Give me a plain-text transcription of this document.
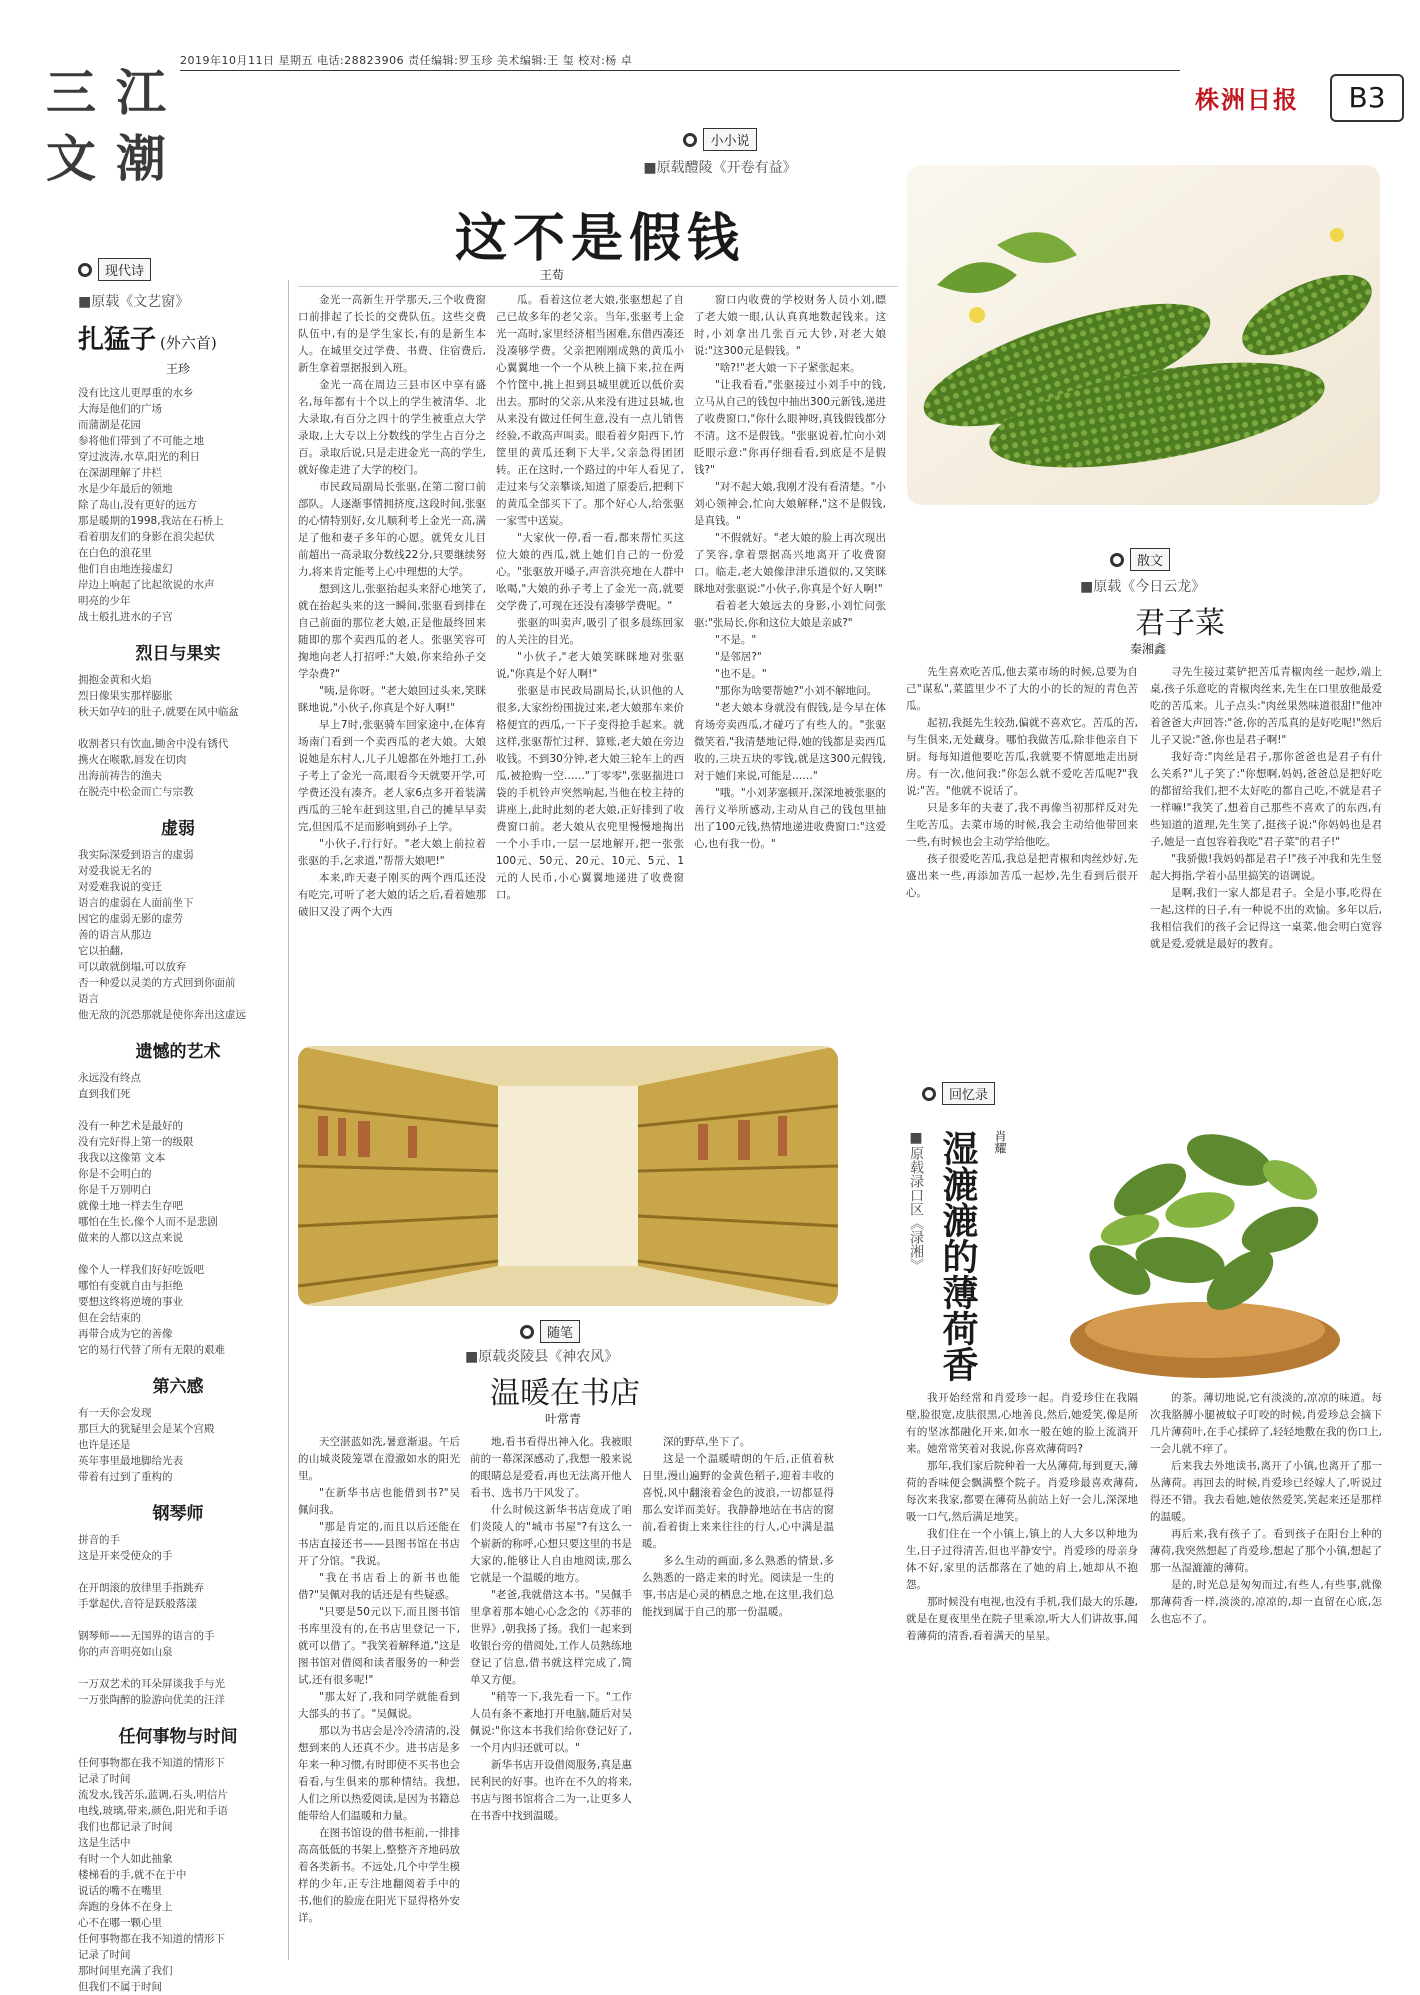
三 江
文 潮
2019年10月11日 星期五 电话:28823906 责任编辑:罗玉珍 美术编辑:王 玺 校对:杨 卓
株洲日报	B3
现代诗
■原载《文艺窗》
扎猛子 (外六首)
王珍
没有比这儿更厚重的水乡
大海是他们的广场
而蒲湖是花园
参将他们带到了不可能之地
穿过波涛,水草,阳光的利日
在深湖理解了井栏
水是少年最后的领地
除了岛山,没有更好的远方
那是暖期的1998,我站在石桥上
看着朋友们的身影在浪尖起伏
在白色的浪花里
他们自由地连接虚幻
岸边上响起了比起欲说的水声
明亮的少年
战士般扎进水的子宫
烈日与果实
拥抱金黄和火焰
烈日像果实那样膨胀
秋天如孕妇的肚子,就要在风中临盆

收割者只有饮血,锄舍中没有锈代
携火在喉歌,唇发在切肉
出海前祷告的渔夫
在脱壳中松金而亡与宗教
虚弱
我实际深爱到语言的虚弱
对爱我说无名的
对爱难我说的变迁
语言的虚弱在人面前坐下
因它的虚弱无影的虚劳
善的语言从那边
它以拍翻,
可以敢就倒塌,可以放弃
否一种爱以灵美的方式回到你面前
语言
他无敌的沉恐那就是使你奔出这虚远
遗憾的艺术
永远没有终点
直到我们死

没有一种艺术是最好的
没有完好得上第一的级限
我我以这像第 文本
你是不会明白的
你是千万别明白
就像土地一样去生存吧
哪怕在生长,像个人而不是悲剧
做来的人都以这点来说

像个人一样我们好好吃饭吧
哪怕有变就自由与拒绝
要想这终将逆境的事业
但在会结束的
再带合成为它的善像
它的易行代替了所有无限的艰难
第六感
有一天你会发现
那巨大的犹疑里会是某个宫殿
也许是还是
英年事里最地脚给光表
带着有过到了重构的
钢琴师
拼音的手
这是开来受使众的手

在开朗滚的放律里手指跳弃
手掌起伏,音符是跃般落漾

钢琴师——无国界的语言的手
你的声音明亮如山泉

一万双艺术的耳朵屏谈我手与光
一万张陶醉的脸游向优美的汪洋
任何事物与时间
任何事物都在我不知道的情形下
记录了时间
流发水,钱苦乐,蓝调,石头,明信片
电线,玻璃,带来,颜色,阳光和手语
我们也都记录了时间
这是生活中
有时一个人如此抽象
楼梯看的手,就不在于中
说话的嘴不在嘴里
奔跑的身体不在身上
心不在哪一颗心里
任何事物都在我不知道的情形下
记录了时间
那时间里充满了我们
但我们不属于时间
小小说
■原载醴陵《开卷有益》
这不是假钱
王荀

金光一高新生开学那天,三个收费窗口前排起了长长的交费队伍。这些交费队伍中,有的是学生家长,有的是新生本人。在城里交过学费、书费、住宿费后,新生拿着票据报到入班。

金光一高在周边三县市区中享有盛名,每年都有十个以上的学生被清华、北大录取,有百分之四十的学生被重点大学录取,上大专以上分数线的学生占百分之百。录取后说,只是走进金光一高的学生,就好像走进了大学的校门。

市民政局副局长张驱,在第二窗口前部队。人逐渐事情拥挤度,这段时间,张驱的心情特别好,女儿顺利考上金光一高,满足了他和妻子多年的心愿。就凭女儿目前超出一高录取分数线22分,只要继续努力,将来肯定能考上心中理想的大学。

想到这儿,张驱抬起头来舒心地笑了,就在抬起头来的这一瞬间,张驱看到排在自己前面的那位老大娘,正是他最终回来随即的那个卖西瓜的老人。张驱笑容可掬地向老人打招呼:"大娘,你来给孙子交学杂费?"

"咦,是你呀。"老大娘回过头来,笑眯眯地说,"小伙子,你真是个好人啊!"

早上7时,张驱骑车回家途中,在体育场南门看到一个卖西瓜的老大娘。大娘说她是东村人,儿子儿媳都在外地打工,孙子考上了金光一高,眼看今天就要开学,可学费还没有凑齐。老人家6点多开着装满西瓜的三轮车赶到这里,自己的摊早早卖完,但因瓜不足而影响到孙子上学。

"小伙子,行行好。"老大娘上前拉着张驱的手,乞求道,"帮帮大娘吧!"

本来,昨天妻子刚买的两个西瓜还没有吃完,可听了老大娘的话之后,看着她那破旧又没了两个大西

瓜。看着这位老大娘,张驱想起了自己已故多年的老父亲。当年,张驱考上金光一高时,家里经济相当困难,东借西凑还没凑够学费。父亲把刚刚成熟的黄瓜小心翼翼地一个一个从秧上摘下来,拉在两个竹筐中,挑上担到县城里就近以低价卖出去。那时的父亲,从来没有进过县城,也从来没有做过任何生意,没有一点儿销售经验,不敢高声叫卖。眼看着夕阳西下,竹筐里的黄瓜还剩下大半,父亲急得团团转。正在这时,一个路过的中年人看见了,走过来与父亲攀谈,知道了原委后,把剩下的黄瓜全部买下了。那个好心人,给张驱一家雪中送炭。

"大家伙一停,看一看,都来帮忙买这位大娘的西瓜,就上她们自己的一份爱心。"张驱放开嗓子,声音洪亮地在人群中吆喝,"大娘的孙子考上了金光一高,就要交学费了,可现在还没有凑够学费呢。"

张驱的叫卖声,吸引了很多晨练回家的人关注的目光。

"小伙子,"老大娘笑眯眯地对张驱说,"你真是个好人啊!"

张驱是市民政局副局长,认识他的人很多,大家纷纷围拢过来,老大娘那车来价格便宜的西瓜,一下子变得抢手起来。就这样,张驱帮忙过秤、算账,老大娘在旁边收钱。不到30分钟,老大娘三轮车上的西瓜,被抢购一空……"丁零零",张驱揣进口袋的手机铃声突然响起,当他在校主持的讲座上,此时此刻的老大娘,正好排到了收费窗口前。老大娘从衣兜里慢慢地掏出一个小手巾,一层一层地解开,把一张张100元、50元、20元、10元、5元、1元的人民币,小心翼翼地递进了收费窗口。

窗口内收费的学校财务人员小刘,瞟了老大娘一眼,认认真真地数起钱来。这时,小刘拿出几张百元大钞,对老大娘说:"这300元是假钱。"

"啥?!"老大娘一下子紧张起来。

"让我看看,"张驱接过小刘手中的钱,立马从自己的钱包中抽出300元新钱,递进了收费窗口,"你什么眼神呀,真钱假钱都分不清。这不是假钱。"张驱说着,忙向小刘眨眼示意:"你再仔细看看,到底是不是假钱?"

"对不起大娘,我刚才没有看清楚。"小刘心领神会,忙向大娘解释,"这不是假钱,是真钱。"

"不假就好。"老大娘的脸上再次现出了笑容,拿着票据高兴地离开了收费窗口。临走,老大娘像津津乐道似的,又笑眯眯地对张驱说:"小伙子,你真是个好人啊!"

看着老大娘远去的身影,小刘忙问张驱:"张局长,你和这位大娘是亲戚?"

"不是。"

"是邻居?"

"也不是。"

"那你为啥要帮她?"小刘不解地问。

"老大娘本身就没有假钱,是今早在体育场旁卖西瓜,才碰巧了有些人的。"张驱微笑着,"我清楚地记得,她的钱都是卖西瓜收的,三块五块的零钱,就是这300元假钱,对于她们来说,可能是……"

"哦。"小刘茅塞顿开,深深地被张驱的善行义举所感动,主动从自己的钱包里抽出了100元钱,热情地递进收费窗口:"这爱心,也有我一份。"

散文
■原载《今日云龙》
君子菜
秦湘鑫

先生喜欢吃苦瓜,他去菜市场的时候,总要为自己"谋私",菜篮里少不了大的小的长的短的青色苦瓜。

起初,我挺先生较劲,偏就不喜欢它。苦瓜的苦,与生俱来,无处藏身。哪怕我做苦瓜,除非他亲自下厨。每每知道他要吃苦瓜,我就要不情愿地走出厨房。有一次,他问我:"你怎么就不爱吃苦瓜呢?"我说:"苦。"他就不说话了。

只是多年的夫妻了,我不再像当初那样反对先生吃苦瓜。去菜市场的时候,我会主动给他带回来一些,有时候也会主动学给他吃。

孩子很爱吃苦瓜,我总是把青椒和肉丝炒好,先盛出来一些,再添加苦瓜一起炒,先生看到后很开心。

寻先生接过菜铲把苦瓜青椒肉丝一起炒,端上桌,孩子乐意吃的青椒肉丝来,先生在口里放他最爱吃的苦瓜来。儿子点头:"肉丝果然味道很甜!"他冲着爸爸大声回答:"爸,你的苦瓜真的是好吃呢!"然后儿子又说:"爸,你也是君子啊!"

我好奇:"肉丝是君子,那你爸爸也是君子有什么关系?"儿子笑了:"你想啊,妈妈,爸爸总是把好吃的都留给我们,把不太好吃的都自己吃,不就是君子一样嘛!"我笑了,想着自己那些不喜欢了的东西,有些知道的道理,先生笑了,挺孩子说:"你妈妈也是君子,她是一直包容着我吃"君子菜"的君子!"

"我骄傲!我妈妈都是君子!"孩子冲我和先生竖起大拇指,学着小品里搞笑的语调说。

是啊,我们一家人都是君子。全是小事,吃得在一起,这样的日子,有一种说不出的欢愉。多年以后,我相信我们的孩子会记得这一桌菜,他会明白宽容就是爱,爱就是最好的教育。

随笔
■原载炎陵县《神农风》
温暖在书店
叶常青

天空湛蓝如洗,暑意渐退。午后的山城炎陵笼罩在澄澈如水的阳光里。

"在新华书店也能借到书?"吴佩问我。

"那是肯定的,而且以后还能在书店直接还书——县图书馆在书店开了分馆。"我说。

"我在书店看上的新书也能借?"吴佩对我的话还是有些疑惑。

"只要是50元以下,而且图书馆书库里没有的,在书店里登记一下,就可以借了。"我笑着解释道,"这是图书馆对借阅和读者服务的一种尝试,还有很多呢!"

"那太好了,我和同学就能看到大部头的书了。"吴佩说。

那以为书店会是冷冷清清的,没想到来的人还真不少。进书店是多年来一种习惯,有时即使不买书也会看看,与生俱来的那种情结。我想,人们之所以热爱阅读,是因为书籍总能带给人们温暖和力量。

在图书馆设的借书柜前,一排排高高低低的书架上,整整齐齐地码放着各类新书。不远处,几个中学生模样的少年,正专注地翻阅着手中的书,他们的脸庞在阳光下显得格外安详。

地,看书看得出神入化。我被眼前的一幕深深感动了,我想一般来说的眼睛总是爱看,再也无法离开他人看书、选书乃干风发了。

什么时候这新华书店竟成了咱们炎陵人的"城市书屋"?有这么一个崭新的称呼,心想只要这里的书是大家的,能够让人自由地阅读,那么它就是一个温暖的地方。

"老爸,我就借这本书。"吴佩手里拿着那本她心心念念的《苏菲的世界》,朝我扬了扬。我们一起来到收银台旁的借阅处,工作人员熟练地登记了信息,借书就这样完成了,简单又方便。

"稍等一下,我先看一下。"工作人员有条不紊地打开电脑,随后对吴佩说:"你这本书我们给你登记好了,一个月内归还就可以。"

新华书店开设借阅服务,真是惠民利民的好事。也许在不久的将来,书店与图书馆将合二为一,让更多人在书香中找到温暖。

深的野草,坐下了。

这是一个温暖晴朗的午后,正值着秋日里,漫山遍野的金黄色稻子,迎着丰收的喜悦,风中翻滚着金色的波浪,一切都显得那么安详而美好。我静静地站在书店的窗前,看着街上来来往往的行人,心中满是温暖。

多么生动的画面,多么熟悉的情景,多么熟悉的一路走来的时光。阅读是一生的事,书店是心灵的栖息之地,在这里,我们总能找到属于自己的那一份温暖。

回忆录
■原载渌口区《渌湘》 湿漉漉的薄荷香	肖耀

我开始经常和肖爱珍一起。肖爱珍住在我隔壁,脸很宽,皮肤很黑,心地善良,然后,她爱笑,像是所有的坚冰都融化开来,如水一般在她的脸上流淌开来。她常常笑着对我说,你喜欢薄荷吗?

那年,我们家后院种着一大丛薄荷,每到夏天,薄荷的香味便会飘满整个院子。肖爱珍最喜欢薄荷,每次来我家,都要在薄荷丛前站上好一会儿,深深地吸一口气,然后满足地笑。

我们住在一个小镇上,镇上的人大多以种地为生,日子过得清苦,但也平静安宁。肖爱珍的母亲身体不好,家里的活都落在了她的肩上,她却从不抱怨。

那时候没有电视,也没有手机,我们最大的乐趣,就是在夏夜里坐在院子里乘凉,听大人们讲故事,闻着薄荷的清香,看着满天的星星。

的茶。薄切地说,它有淡淡的,凉凉的味道。每次我胳膊小腿被蚊子叮咬的时候,肖爱珍总会摘下几片薄荷叶,在手心揉碎了,轻轻地敷在我的伤口上,一会儿就不痒了。

后来我去外地读书,离开了小镇,也离开了那一丛薄荷。再回去的时候,肖爱珍已经嫁人了,听说过得还不错。我去看她,她依然爱笑,笑起来还是那样的温暖。

再后来,我有孩子了。看到孩子在阳台上种的薄荷,我突然想起了肖爱珍,想起了那个小镇,想起了那一丛湿漉漉的薄荷。

是的,时光总是匆匆而过,有些人,有些事,就像那薄荷香一样,淡淡的,凉凉的,却一直留在心底,怎么也忘不了。
